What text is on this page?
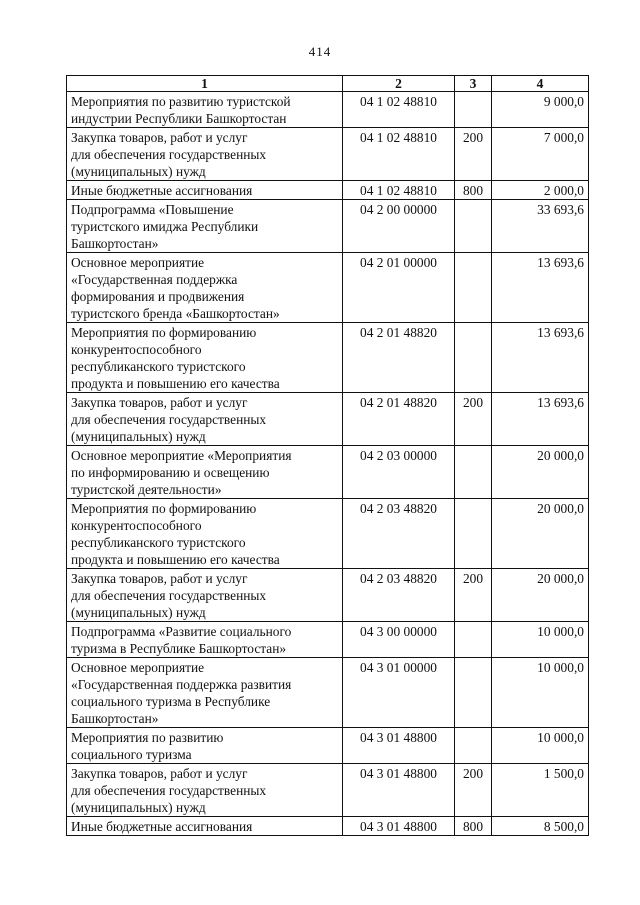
414
1	2	3	4
Мероприятия по развитию туристской
индустрии Республики Башкортостан	04 1 02 48810		9 000,0
Закупка товаров, работ и услуг
для обеспечения государственных
(муниципальных) нужд	04 1 02 48810	200	7 000,0
Иные бюджетные ассигнования	04 1 02 48810	800	2 000,0
Подпрограмма «Повышение
туристского имиджа Республики
Башкортостан»	04 2 00 00000		33 693,6
Основное мероприятие
«Государственная поддержка
формирования и продвижения
туристского бренда «Башкортостан»	04 2 01 00000		13 693,6
Мероприятия по формированию
конкурентоспособного
республиканского туристского
продукта и повышению его качества	04 2 01 48820		13 693,6
Закупка товаров, работ и услуг
для обеспечения государственных
(муниципальных) нужд	04 2 01 48820	200	13 693,6
Основное мероприятие «Мероприятия
по информированию и освещению
туристской деятельности»	04 2 03 00000		20 000,0
Мероприятия по формированию
конкурентоспособного
республиканского туристского
продукта и повышению его качества	04 2 03 48820		20 000,0
Закупка товаров, работ и услуг
для обеспечения государственных
(муниципальных) нужд	04 2 03 48820	200	20 000,0
Подпрограмма «Развитие социального
туризма в Республике Башкортостан»	04 3 00 00000		10 000,0
Основное мероприятие
«Государственная поддержка развития
социального туризма в Республике
Башкортостан»	04 3 01 00000		10 000,0
Мероприятия по развитию
социального туризма	04 3 01 48800		10 000,0
Закупка товаров, работ и услуг
для обеспечения государственных
(муниципальных) нужд	04 3 01 48800	200	1 500,0
Иные бюджетные ассигнования	04 3 01 48800	800	8 500,0
